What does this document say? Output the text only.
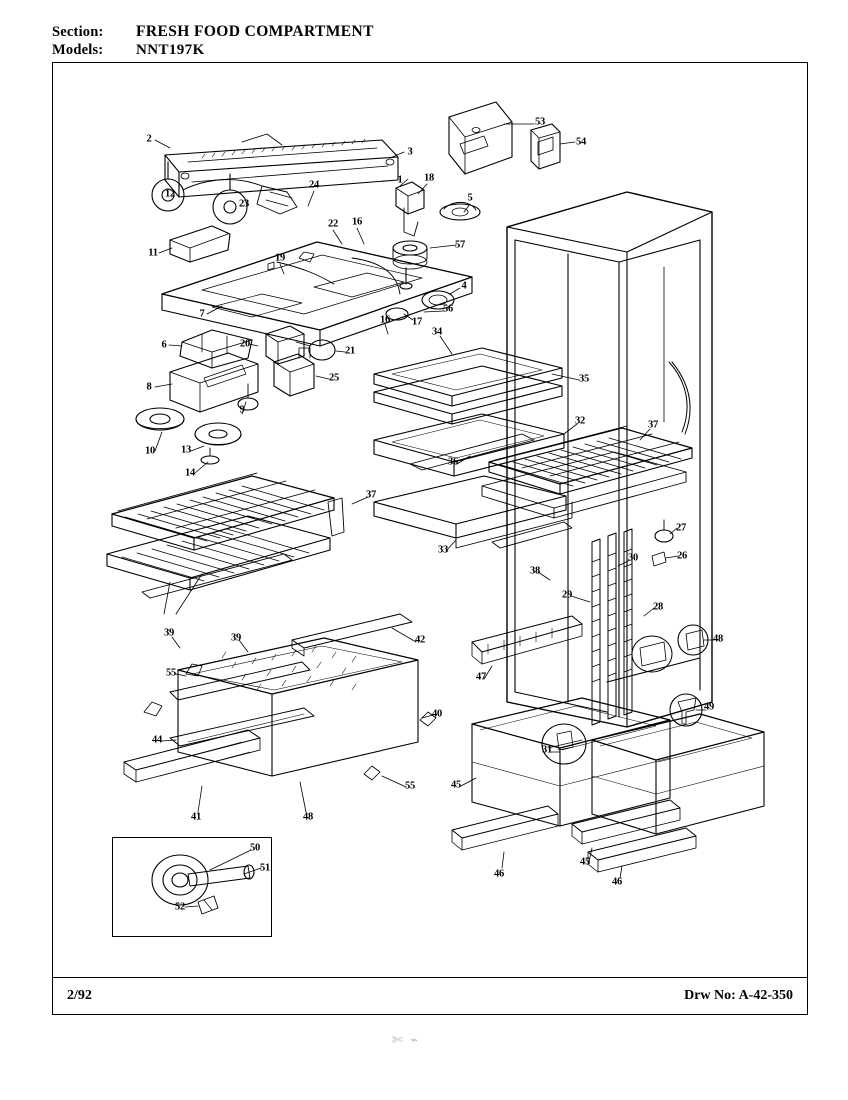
Section:	FRESH FOOD COMPARTMENT
Models:	NNT197K
2/92	Drw No: A-42-350
2
3
12
24	1 18
53
54
5
23
22 16
57
11	19
7
4
56
17
16
6	20
21
8
25
9
10 13
14
34
35
32	37
36
33
27
26
30
38
29
28
37
39	39	42
55
40
44
55
41	48
47
48
49
31
45
46
45
46
50
51
52
✄ ⌁
